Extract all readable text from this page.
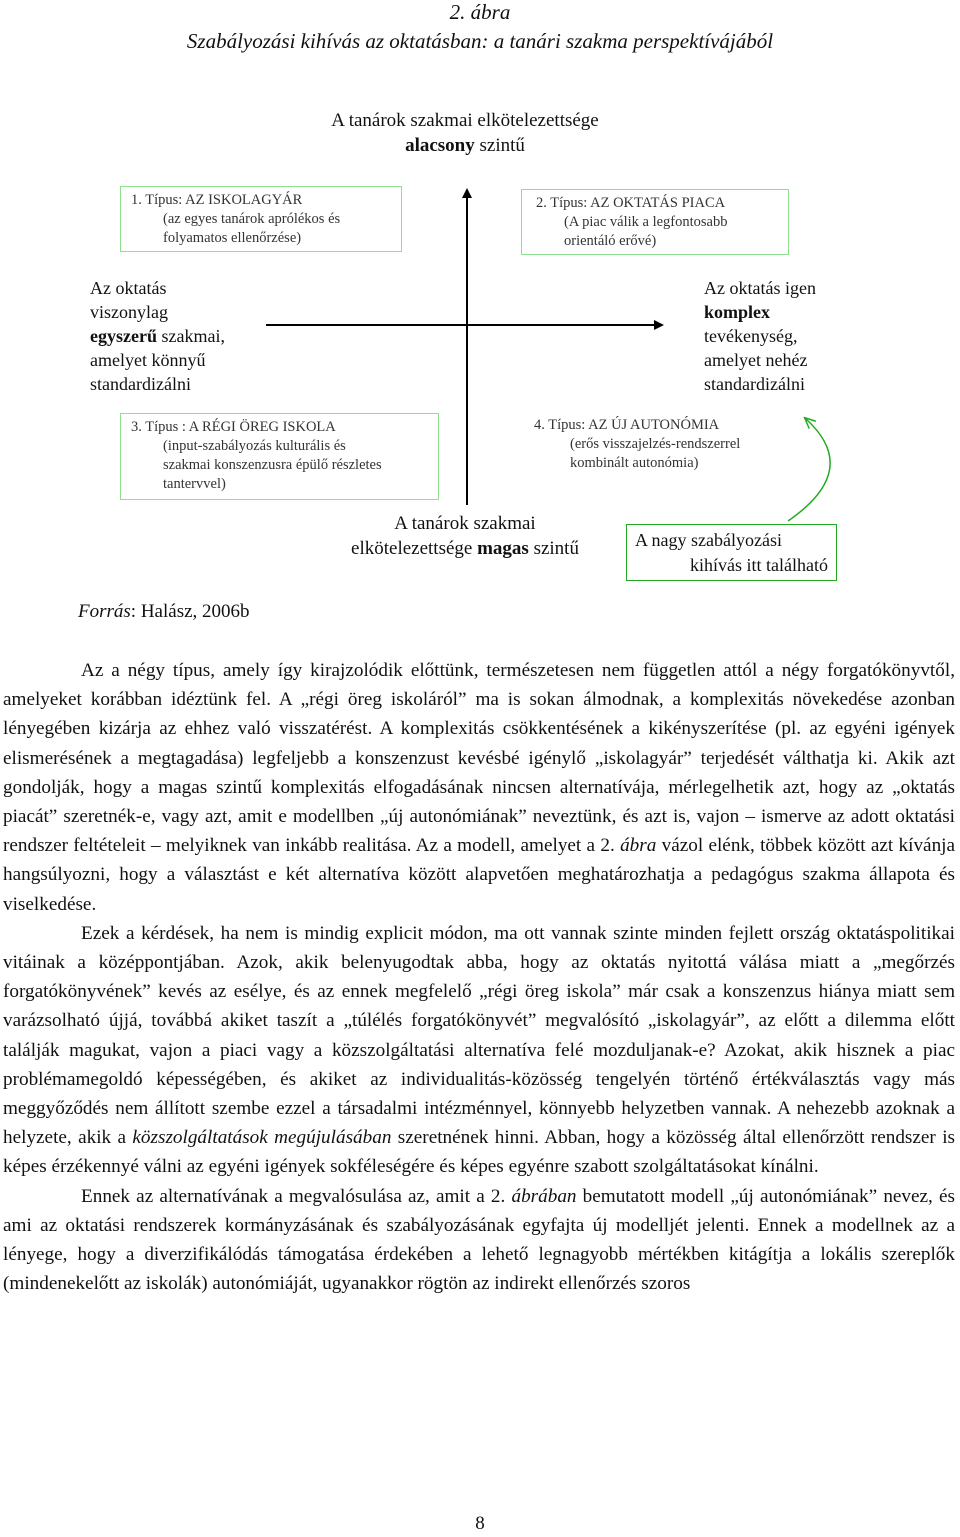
2. ábra
Szabályozási kihívás az oktatásban: a tanári szakma perspektívájából
A tanárok szakmai elkötelezettsége
alacsony szintű
A tanárok szakmai
elkötelezettsége magas szintű
Az oktatás
viszonylag
egyszerű szakmai,
amelyet könnyű
standardizálni
Az oktatás igen
komplex
tevékenység,
amelyet nehéz
standardizálni
1. Típus: AZ ISKOLAGYÁR
(az egyes tanárok aprólékos és
folyamatos ellenőrzése)
2. Típus: AZ OKTATÁS PIACA
(A piac válik a legfontosabb
orientáló erővé)
3. Típus : A RÉGI ÖREG ISKOLA
(input-szabályozás kulturális és
szakmai konszenzusra épülő részletes
tantervvel)
4. Típus: AZ ÚJ AUTONÓMIA
(erős visszajelzés-rendszerrel
kombinált autonómia)
A nagy szabályozási
kihívás itt található
Forrás: Halász, 2006b

Az a négy típus, amely így kirajzolódik előttünk, természetesen nem független attól a négy forgatókönyvtől, amelyeket korábban idéztünk fel. A „régi öreg iskoláról” ma is sokan álmodnak, a komplexitás növekedése azonban lényegében kizárja az ehhez való visszatérést. A komplexitás csökkentésének a kikényszerítése (pl. az egyéni igények elismerésének a megtagadása) legfeljebb a konszenzust kevésbé igénylő „iskolagyár” terjedését válthatja ki. Akik azt gondolják, hogy a magas szintű komplexitás elfogadásának nincsen alternatívája, mérlegelhetik azt, hogy az „oktatás piacát” szeretnék-e, vagy azt, amit e modellben „új autonómiának” neveztünk, és azt is, vajon – ismerve az adott oktatási rendszer feltételeit – melyiknek van inkább realitása. Az a modell, amelyet a 2. ábra vázol elénk, többek között azt kívánja hangsúlyozni, hogy a választást e két alternatíva között alapvetően meghatározhatja a pedagógus szakma állapota és viselkedése.

Ezek a kérdések, ha nem is mindig explicit módon, ma ott vannak szinte minden fejlett ország oktatáspolitikai vitáinak a középpontjában. Azok, akik belenyugodtak abba, hogy az oktatás nyitottá válása miatt a „megőrzés forgatókönyvének” kevés az esélye, és az ennek megfelelő „régi öreg iskola” már csak a konszenzus hiánya miatt sem varázsolható újjá, továbbá akiket taszít a „túlélés forgatókönyvét” megvalósító „iskolagyár”, az előtt a dilemma előtt találják magukat, vajon a piaci vagy a közszolgáltatási alternatíva felé mozduljanak-e? Azokat, akik hisznek a piac problémamegoldó képességében, és akiket az individualitás-közösség tengelyén történő értékválasztás vagy más meggyőződés nem állított szembe ezzel a társadalmi intézménnyel, könnyebb helyzetben vannak. A nehezebb azoknak a helyzete, akik a közszolgáltatások megújulásában szeretnének hinni. Abban, hogy a közösség által ellenőrzött rendszer is képes érzékennyé válni az egyéni igények sokféleségére és képes egyénre szabott szolgáltatásokat kínálni.

Ennek az alternatívának a megvalósulása az, amit a 2. ábrában bemutatott modell „új autonómiának” nevez, és ami az oktatási rendszerek kormányzásának és szabályozásának egyfajta új modelljét jelenti. Ennek a modellnek az a lényege, hogy a diverzifikálódás támogatása érdekében a lehető legnagyobb mértékben kitágítja a lokális szereplők (mindenekelőtt az iskolák) autonómiáját, ugyanakkor rögtön az indirekt ellenőrzés szoros

8
